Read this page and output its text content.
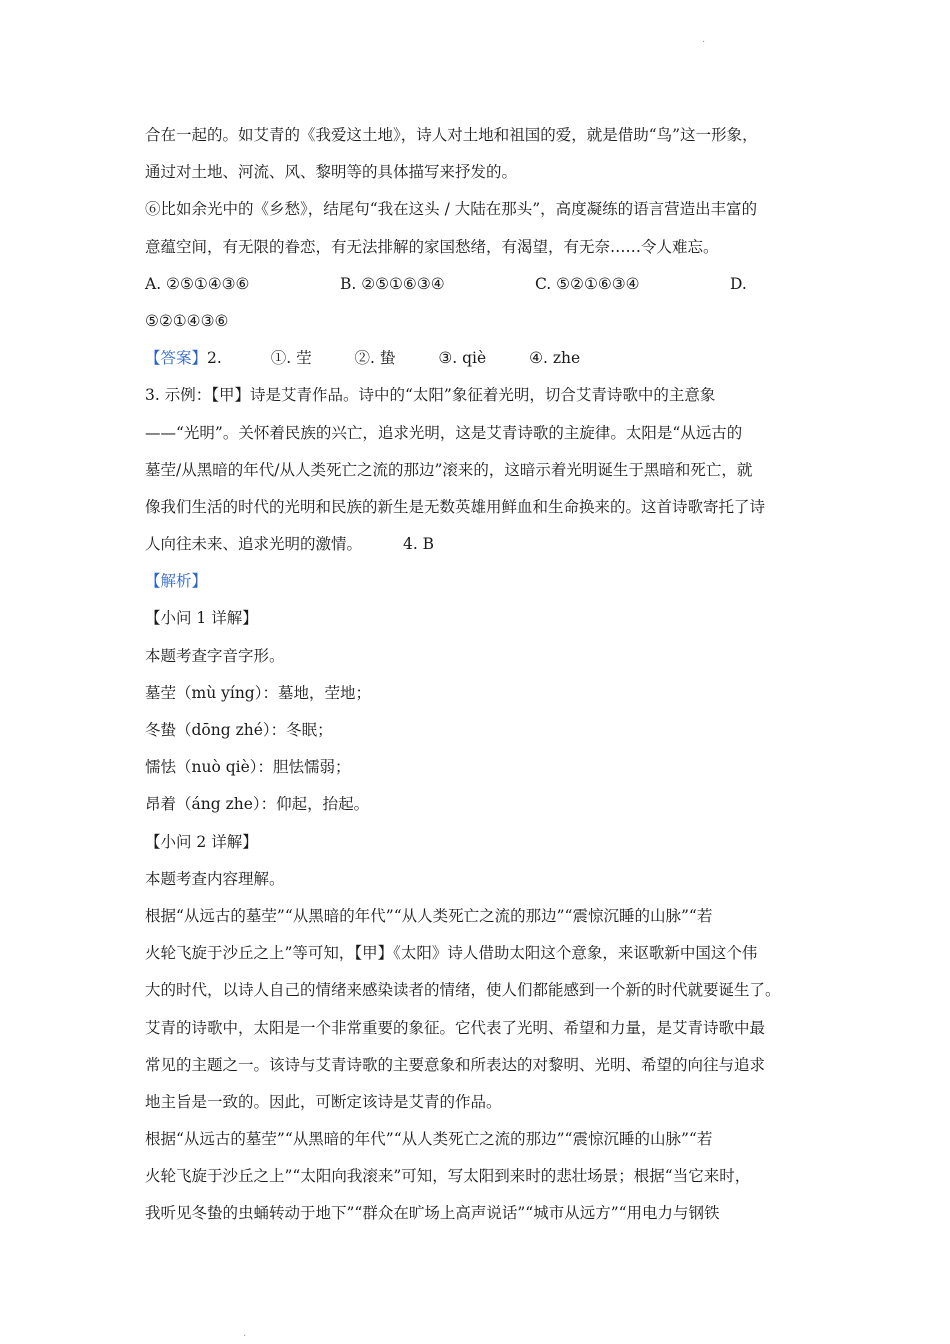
.
合在一起的。如艾青的《我爱这土地》，诗人对土地和祖国的爱，就是借助“鸟”这一形象，
通过对土地、河流、风、黎明等的具体描写来抒发的。
⑥比如余光中的《乡愁》，结尾句“我在这头 / 大陆在那头”，高度凝练的语言营造出丰富的
意蕴空间，有无限的眷恋，有无法排解的家国愁绪，有渴望，有无奈……令人难忘。
A. ②⑤①④③⑥	B. ②⑤①⑥③④	C. ⑤②①⑥③④	D.
⑤②①④③⑥
【答案】2.	①. 茔	②. 蛰	③. qiè	④. zhe
3. 示例：【甲】诗是艾青作品。诗中的“太阳”象征着光明，切合艾青诗歌中的主意象
——“光明”。关怀着民族的兴亡，追求光明，这是艾青诗歌的主旋律。太阳是“从远古的
墓茔/从黑暗的年代/从人类死亡之流的那边”滚来的，这暗示着光明诞生于黑暗和死亡，就
像我们生活的时代的光明和民族的新生是无数英雄用鲜血和生命换来的。这首诗歌寄托了诗
人向往未来、追求光明的激情。	4. B
【解析】
【小问 1 详解】
本题考查字音字形。
墓茔（mù yíng）：墓地，茔地；
冬蛰（dōng zhé）：冬眠；
懦怯（nuò qiè）：胆怯懦弱；
昂着（áng zhe）：仰起，抬起。
【小问 2 详解】
本题考查内容理解。
根据“从远古的墓茔”“从黑暗的年代”“从人类死亡之流的那边”“震惊沉睡的山脉”“若
火轮飞旋于沙丘之上”等可知，【甲】《太阳》诗人借助太阳这个意象，来讴歌新中国这个伟
大的时代，以诗人自己的情绪来感染读者的情绪，使人们都能感到一个新的时代就要诞生了。
艾青的诗歌中，太阳是一个非常重要的象征。它代表了光明、希望和力量，是艾青诗歌中最
常见的主题之一。该诗与艾青诗歌的主要意象和所表达的对黎明、光明、希望的向往与追求
地主旨是一致的。因此，可断定该诗是艾青的作品。
根据“从远古的墓茔”“从黑暗的年代”“从人类死亡之流的那边”“震惊沉睡的山脉”“若
火轮飞旋于沙丘之上”“太阳向我滚来”可知，写太阳到来时的悲壮场景；根据“当它来时，
我听见冬蛰的虫蛹转动于地下”“群众在旷场上高声说话”“城市从远方”“用电力与钢铁
.
